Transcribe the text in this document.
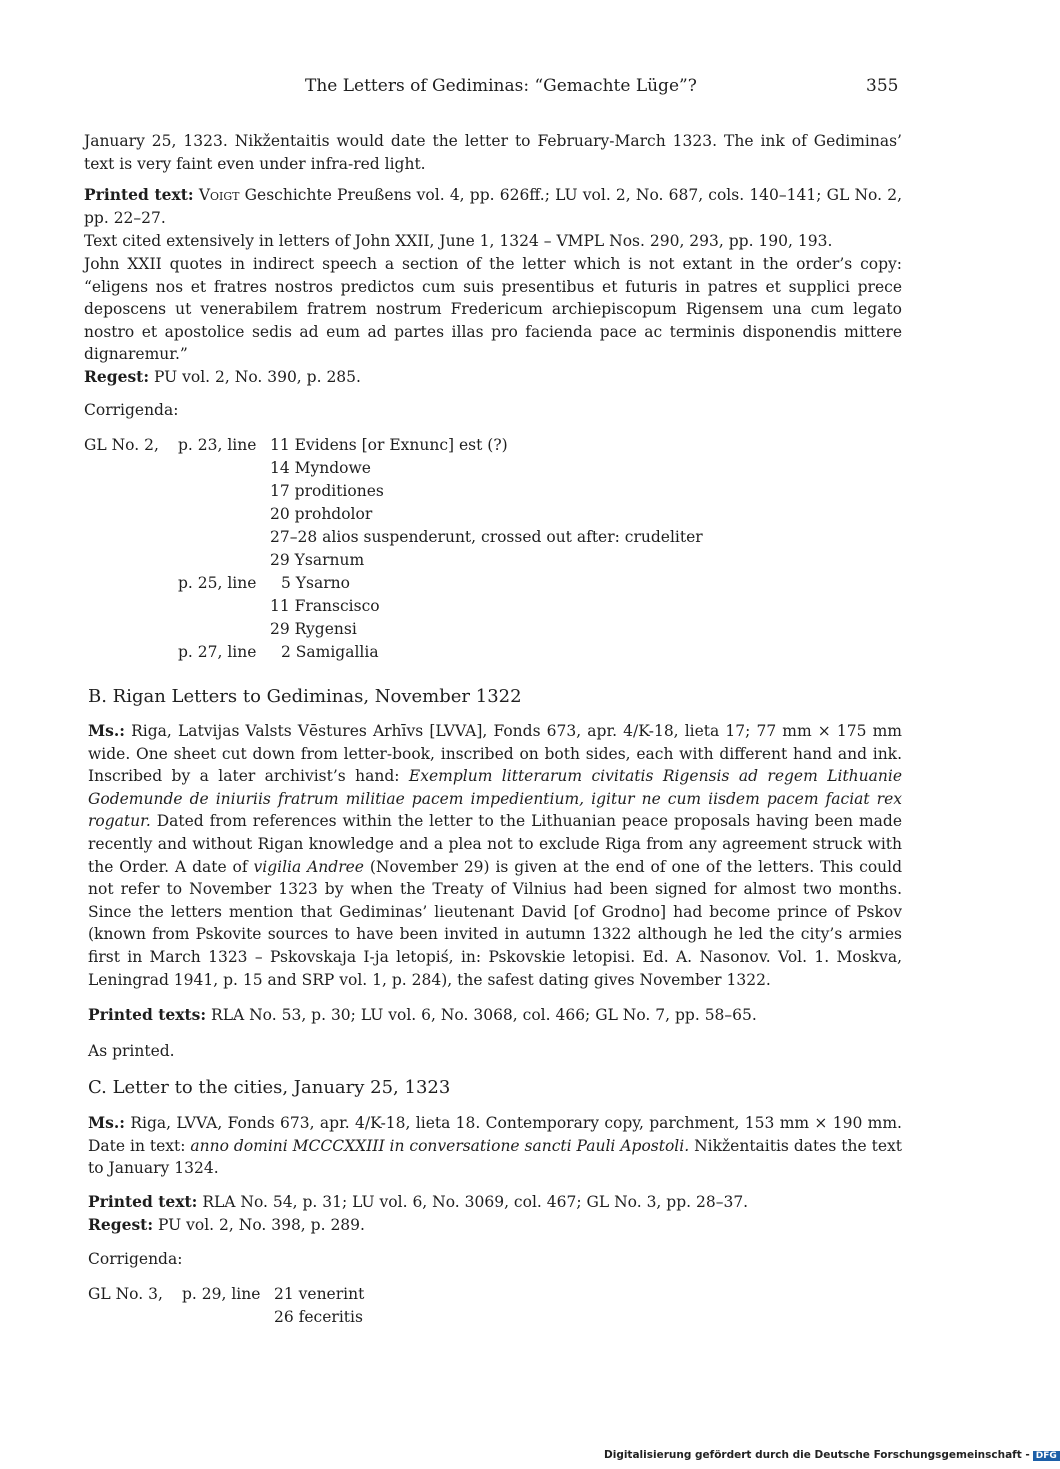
The Letters of Gediminas: “Gemachte Lüge”?	355

January 25, 1323. Nikžentaitis would date the letter to February-March 1323. The ink of Gediminas’ text is very faint even under infra-red light.

Printed text: Voigt Geschichte Preußens vol. 4, pp. 626ff.; LU vol. 2, No. 687, cols. 140–141; GL No. 2, pp. 22–27.

Text cited extensively in letters of John XXII, June 1, 1324 – VMPL Nos. 290, 293, pp. 190, 193.

John XXII quotes in indirect speech a section of the letter which is not extant in the order’s copy: “eligens nos et fratres nostros predictos cum suis presentibus et futuris in patres et supplici prece deposcens ut venerabilem fratrem nostrum Fredericum archiepiscopum Rigensem una cum legato nostro et apostolice sedis ad eum ad partes illas pro facienda pace ac terminis disponendis mittere dignaremur.”

Regest: PU vol. 2, No. 390, p. 285.

Corrigenda:

GL No. 2, p. 23, line 11 Evidens [or Exnunc] est (?)
14 Myndowe
17 proditiones
20 prohdolor
27–28 alios suspenderunt, crossed out after: crudeliter
29 Ysarnum
p. 25, line 5 Ysarno
11 Franscisco
29 Rygensi
p. 27, line 2 Samigallia
B. Rigan Letters to Gediminas, November 1322

Ms.: Riga, Latvijas Valsts Vēstures Arhīvs [LVVA], Fonds 673, apr. 4/K-18, lieta 17; 77 mm × 175 mm wide. One sheet cut down from letter-book, inscribed on both sides, each with different hand and ink. Inscribed by a later archivist’s hand: Exemplum litterarum civitatis Rigensis ad regem Lithuanie Godemunde de iniuriis fratrum militiae pacem impedientium, igitur ne cum iisdem pacem faciat rex rogatur. Dated from references within the letter to the Lithuanian peace proposals having been made recently and without Rigan knowledge and a plea not to exclude Riga from any agreement struck with the Order. A date of vigilia Andree (November 29) is given at the end of one of the letters. This could not refer to November 1323 by when the Treaty of Vilnius had been signed for almost two months. Since the letters mention that Gediminas’ lieutenant David [of Grodno] had become prince of Pskov (known from Pskovite sources to have been invited in autumn 1322 although he led the city’s armies first in March 1323 – Pskovskaja I-ja letopiś, in: Pskovskie letopisi. Ed. A. Nasonov. Vol. 1. Moskva, Leningrad 1941, p. 15 and SRP vol. 1, p. 284), the safest dating gives November 1322.

Printed texts: RLA No. 53, p. 30; LU vol. 6, No. 3068, col. 466; GL No. 7, pp. 58–65.

As printed.

C. Letter to the cities, January 25, 1323

Ms.: Riga, LVVA, Fonds 673, apr. 4/K-18, lieta 18. Contemporary copy, parchment, 153 mm × 190 mm. Date in text: anno domini MCCCXXIII in conversatione sancti Pauli Apostoli. Nikžentaitis dates the text to January 1324.

Printed text: RLA No. 54, p. 31; LU vol. 6, No. 3069, col. 467; GL No. 3, pp. 28–37.

Regest: PU vol. 2, No. 398, p. 289.

Corrigenda:

GL No. 3, p. 29, line 21 venerint
26 feceritis
Digitalisierung gefördert durch die Deutsche Forschungsgemeinschaft - DFG
